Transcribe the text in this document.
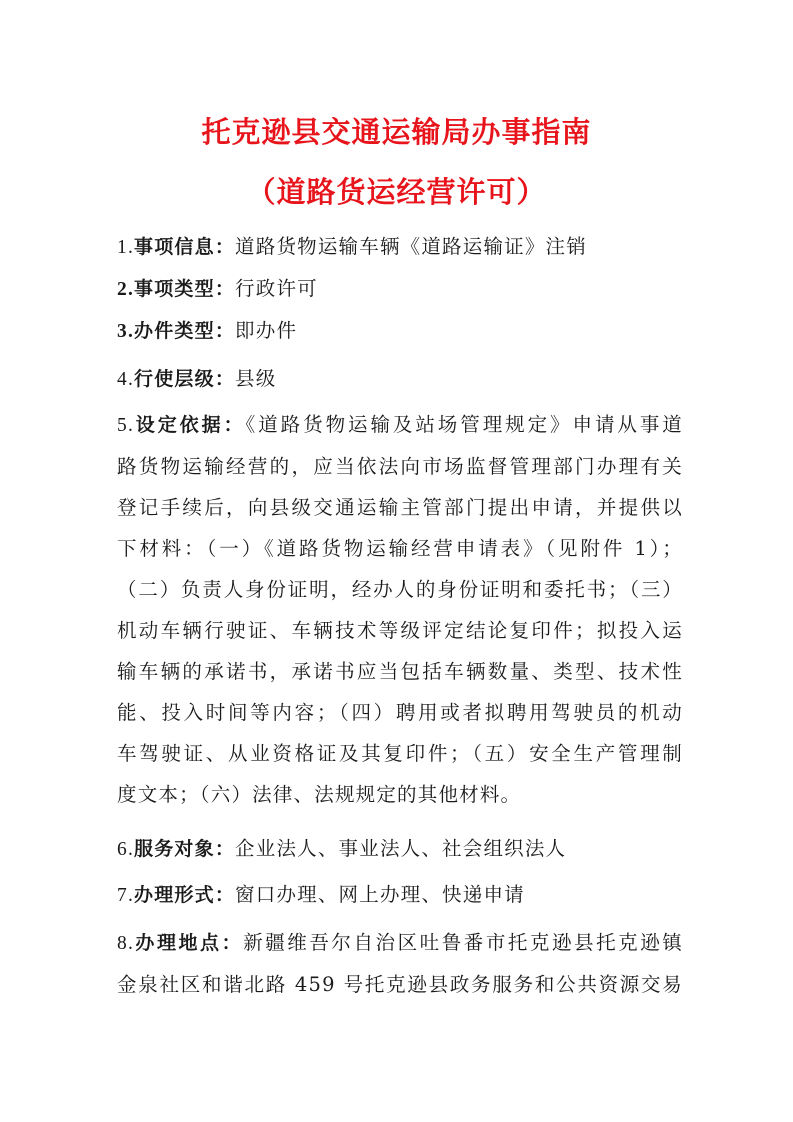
托克逊县交通运输局办事指南
（道路货运经营许可）
1.事项信息：道路货物运输车辆《道路运输证》注销
2.事项类型：行政许可
3.办件类型：即办件
4.行使层级：县级
5.设定依据：《道路货物运输及站场管理规定》申请从事道
路货物运输经营的，应当依法向市场监督管理部门办理有关
登记手续后，向县级交通运输主管部门提出申请，并提供以
下材料：（一）《道路货物运输经营申请表》（见附件 1）；
（二）负责人身份证明，经办人的身份证明和委托书；（三）
机动车辆行驶证、车辆技术等级评定结论复印件；拟投入运
输车辆的承诺书，承诺书应当包括车辆数量、类型、技术性
能、投入时间等内容；（四）聘用或者拟聘用驾驶员的机动
车驾驶证、从业资格证及其复印件；（五）安全生产管理制
度文本；（六）法律、法规规定的其他材料。
6.服务对象：企业法人、事业法人、社会组织法人
7.办理形式：窗口办理、网上办理、快递申请
8.办理地点：新疆维吾尔自治区吐鲁番市托克逊县托克逊镇
金泉社区和谐北路 459 号托克逊县政务服务和公共资源交易
